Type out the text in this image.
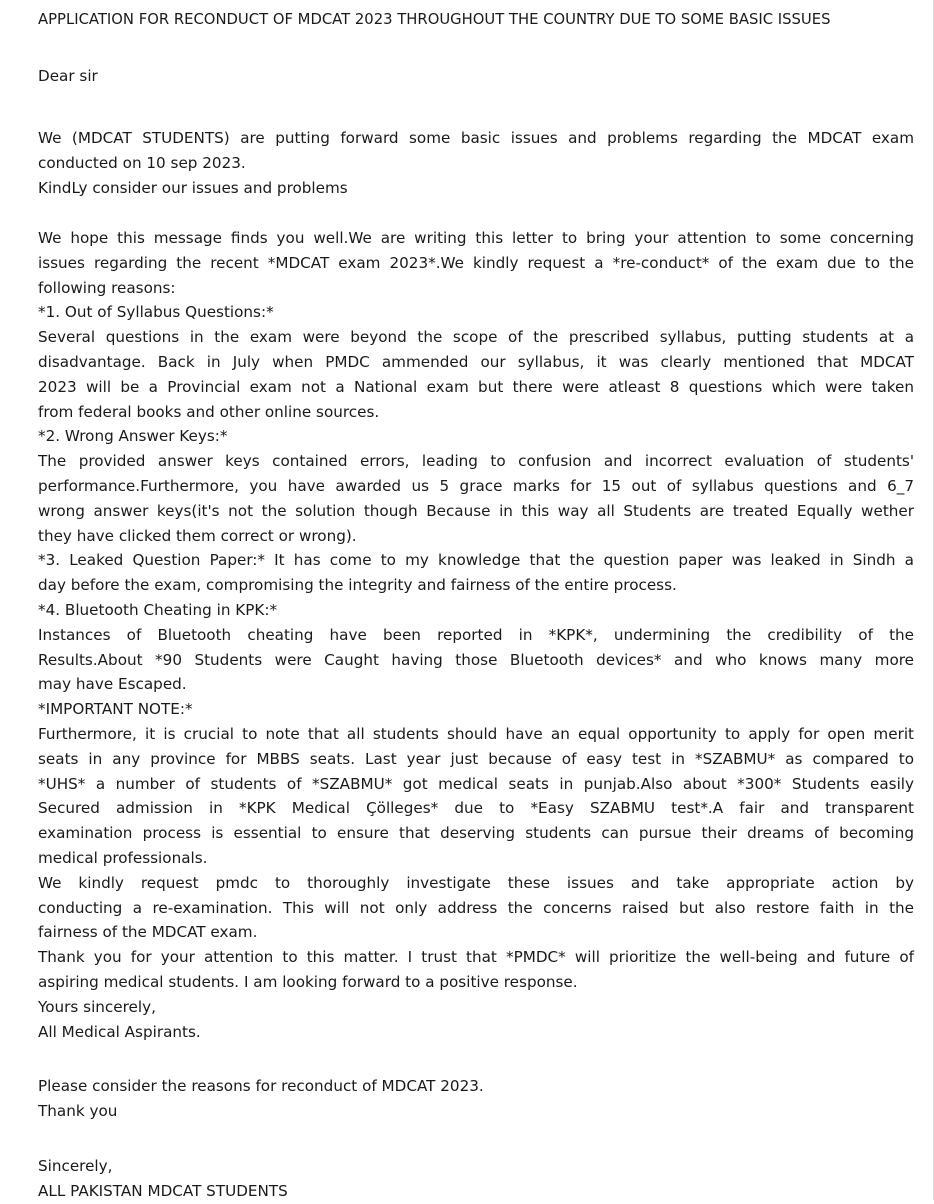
APPLICATION FOR RECONDUCT OF MDCAT 2023 THROUGHOUT THE COUNTRY DUE TO SOME BASIC ISSUES
Dear sir
We (MDCAT STUDENTS) are putting forward some basic issues and problems regarding the MDCAT exam
conducted on 10 sep 2023.
KindLy consider our issues and problems
We hope this message finds you well.We are writing this letter to bring your attention to some concerning
issues regarding the recent *MDCAT exam 2023*.We kindly request a *re-conduct* of the exam due to the
following reasons:
*1. Out of Syllabus Questions:*
Several questions in the exam were beyond the scope of the prescribed syllabus, putting students at a
disadvantage. Back in July when PMDC ammended our syllabus, it was clearly mentioned that MDCAT
2023 will be a Provincial exam not a National exam but there were atleast 8 questions which were taken
from federal books and other online sources.
*2. Wrong Answer Keys:*
The provided answer keys contained errors, leading to confusion and incorrect evaluation of students'
performance.Furthermore, you have awarded us 5 grace marks for 15 out of syllabus questions and 6_7
wrong answer keys(it's not the solution though Because in this way all Students are treated Equally wether
they have clicked them correct or wrong).
*3. Leaked Question Paper:* It has come to my knowledge that the question paper was leaked in Sindh a
day before the exam, compromising the integrity and fairness of the entire process.
*4. Bluetooth Cheating in KPK:*
Instances of Bluetooth cheating have been reported in *KPK*, undermining the credibility of the
Results.About *90 Students were Caught having those Bluetooth devices* and who knows many more
may have Escaped.
*IMPORTANT NOTE:*
Furthermore, it is crucial to note that all students should have an equal opportunity to apply for open merit
seats in any province for MBBS seats. Last year just because of easy test in *SZABMU* as compared to
*UHS* a number of students of *SZABMU* got medical seats in punjab.Also about *300* Students easily
Secured admission in *KPK Medical Çölleges* due to *Easy SZABMU test*.A fair and transparent
examination process is essential to ensure that deserving students can pursue their dreams of becoming
medical professionals.
We kindly request pmdc to thoroughly investigate these issues and take appropriate action by
conducting a re-examination. This will not only address the concerns raised but also restore faith in the
fairness of the MDCAT exam.
Thank you for your attention to this matter. I trust that *PMDC* will prioritize the well-being and future of
aspiring medical students. I am looking forward to a positive response.
Yours sincerely,
All Medical Aspirants.
Please consider the reasons for reconduct of MDCAT 2023.
Thank you
Sincerely,
ALL PAKISTAN MDCAT STUDENTS
